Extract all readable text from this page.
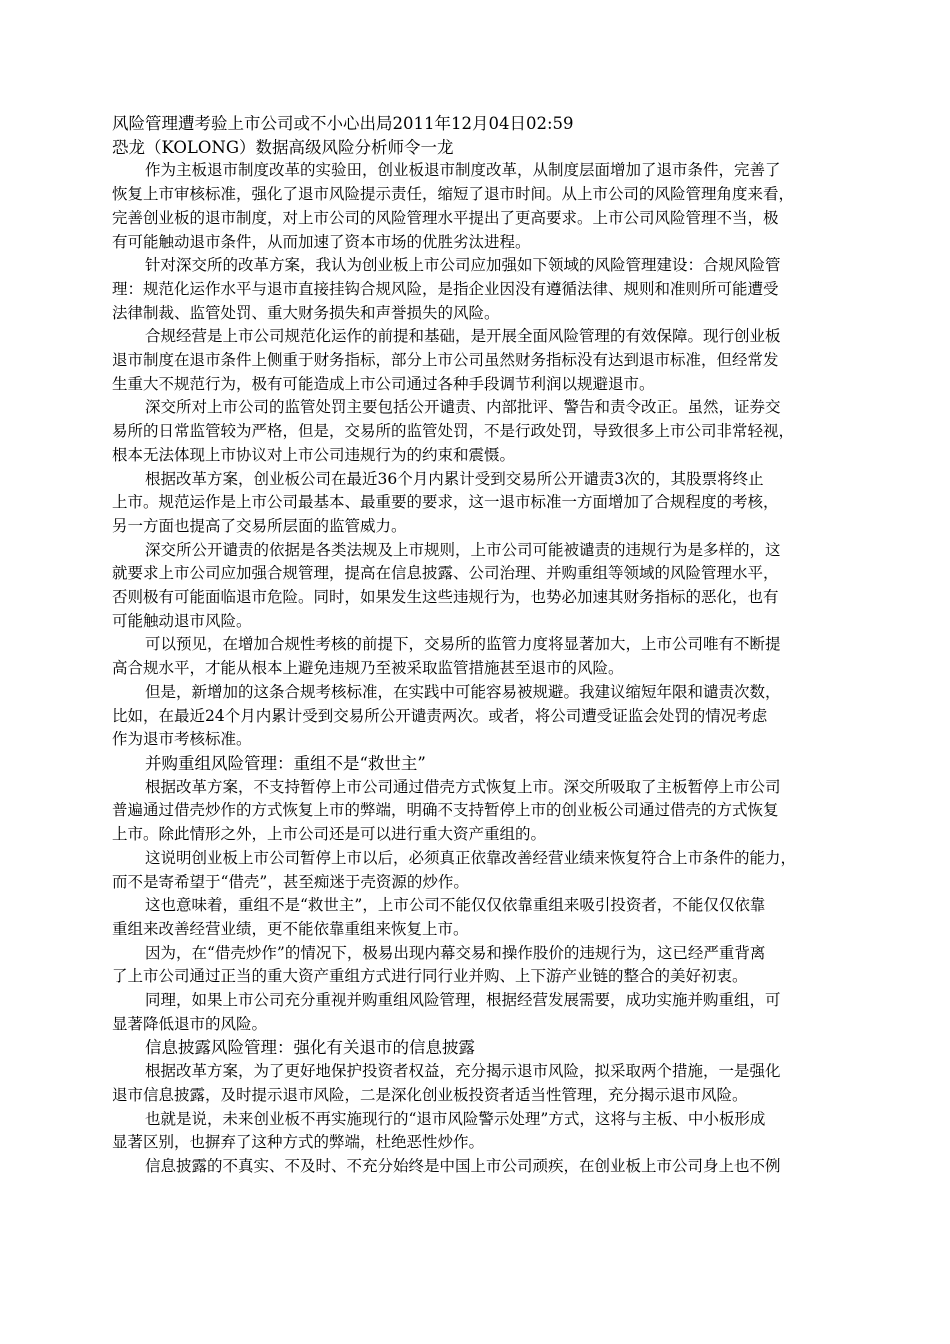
风险管理遭考验上市公司或不小心出局2011年12月04日02:59
恐龙（KOLONG）数据高级风险分析师令一龙
作为主板退市制度改革的实验田，创业板退市制度改革，从制度层面增加了退市条件，完善了
恢复上市审核标准，强化了退市风险提示责任，缩短了退市时间。从上市公司的风险管理角度来看，
完善创业板的退市制度，对上市公司的风险管理水平提出了更高要求。上市公司风险管理不当，极
有可能触动退市条件，从而加速了资本市场的优胜劣汰进程。
针对深交所的改革方案，我认为创业板上市公司应加强如下领域的风险管理建设：合规风险管
理：规范化运作水平与退市直接挂钩合规风险，是指企业因没有遵循法律、规则和准则所可能遭受
法律制裁、监管处罚、重大财务损失和声誉损失的风险。
合规经营是上市公司规范化运作的前提和基础，是开展全面风险管理的有效保障。现行创业板
退市制度在退市条件上侧重于财务指标，部分上市公司虽然财务指标没有达到退市标准，但经常发
生重大不规范行为，极有可能造成上市公司通过各种手段调节利润以规避退市。
深交所对上市公司的监管处罚主要包括公开谴责、内部批评、警告和责令改正。虽然，证券交
易所的日常监管较为严格，但是，交易所的监管处罚，不是行政处罚，导致很多上市公司非常轻视，
根本无法体现上市协议对上市公司违规行为的约束和震慑。
根据改革方案，创业板公司在最近36个月内累计受到交易所公开谴责3次的，其股票将终止
上市。规范运作是上市公司最基本、最重要的要求，这一退市标准一方面增加了合规程度的考核，
另一方面也提高了交易所层面的监管威力。
深交所公开谴责的依据是各类法规及上市规则，上市公司可能被谴责的违规行为是多样的，这
就要求上市公司应加强合规管理，提高在信息披露、公司治理、并购重组等领域的风险管理水平，
否则极有可能面临退市危险。同时，如果发生这些违规行为，也势必加速其财务指标的恶化，也有
可能触动退市风险。
可以预见，在增加合规性考核的前提下，交易所的监管力度将显著加大，上市公司唯有不断提
高合规水平，才能从根本上避免违规乃至被采取监管措施甚至退市的风险。
但是，新增加的这条合规考核标准，在实践中可能容易被规避。我建议缩短年限和谴责次数，
比如，在最近24个月内累计受到交易所公开谴责两次。或者，将公司遭受证监会处罚的情况考虑
作为退市考核标准。
并购重组风险管理：重组不是“救世主”
根据改革方案，不支持暂停上市公司通过借壳方式恢复上市。深交所吸取了主板暂停上市公司
普遍通过借壳炒作的方式恢复上市的弊端，明确不支持暂停上市的创业板公司通过借壳的方式恢复
上市。除此情形之外，上市公司还是可以进行重大资产重组的。
这说明创业板上市公司暂停上市以后，必须真正依靠改善经营业绩来恢复符合上市条件的能力，
而不是寄希望于“借壳”，甚至痴迷于壳资源的炒作。
这也意味着，重组不是“救世主”，上市公司不能仅仅依靠重组来吸引投资者，不能仅仅依靠
重组来改善经营业绩，更不能依靠重组来恢复上市。
因为，在“借壳炒作”的情况下，极易出现内幕交易和操作股价的违规行为，这已经严重背离
了上市公司通过正当的重大资产重组方式进行同行业并购、上下游产业链的整合的美好初衷。
同理，如果上市公司充分重视并购重组风险管理，根据经营发展需要，成功实施并购重组，可
显著降低退市的风险。
信息披露风险管理：强化有关退市的信息披露
根据改革方案，为了更好地保护投资者权益，充分揭示退市风险，拟采取两个措施，一是强化
退市信息披露，及时提示退市风险，二是深化创业板投资者适当性管理，充分揭示退市风险。
也就是说，未来创业板不再实施现行的“退市风险警示处理”方式，这将与主板、中小板形成
显著区别，也摒弃了这种方式的弊端，杜绝恶性炒作。
信息披露的不真实、不及时、不充分始终是中国上市公司顽疾，在创业板上市公司身上也不例
